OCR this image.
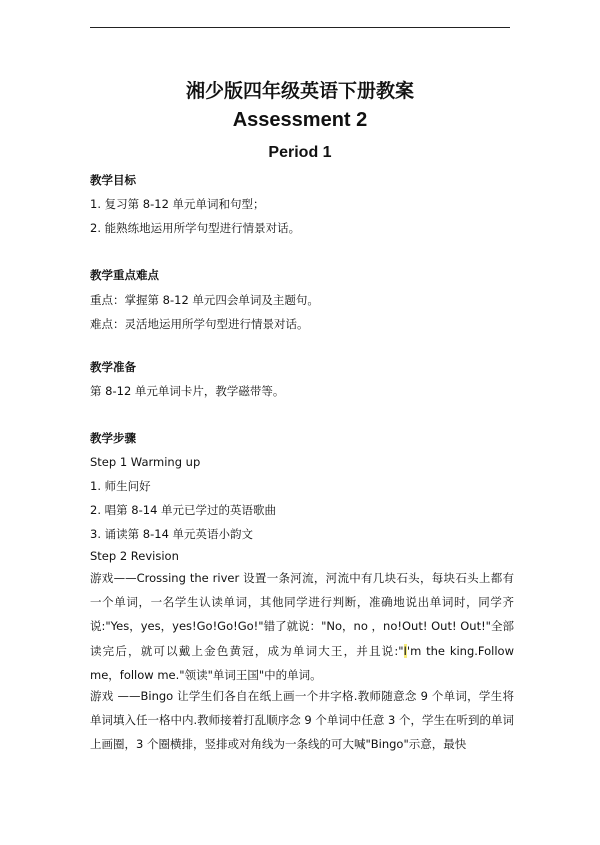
湘少版四年级英语下册教案
Assessment 2
Period 1
教学目标
1. 复习第 8-12 单元单词和句型；
2. 能熟练地运用所学句型进行情景对话。
教学重点难点
重点：掌握第 8-12 单元四会单词及主题句。
难点：灵活地运用所学句型进行情景对话。
教学准备
第 8-12 单元单词卡片，教学磁带等。
教学步骤
Step 1 Warming up
1. 师生问好
2. 唱第 8-14 单元已学过的英语歌曲
3. 诵读第 8-14 单元英语小韵文
Step 2 Revision
游戏——Crossing the river 设置一条河流，河流中有几块石头，每块石头上都有一个单词，一名学生认读单词，其他同学进行判断，准确地说出单词时，同学齐说:"Yes，yes，yes!Go!Go!Go!"错了就说："No，no ，no!Out! Out! Out!"全部读完后，就可以戴上金色黄冠，成为单词大王，并且说:"I'm the king.Follow me，follow me."领读"单词王国"中的单词。
游戏 ——Bingo 让学生们各自在纸上画一个井字格.教师随意念 9 个单词，学生将单词填入任一格中内.教师接着打乱顺序念 9 个单词中任意 3 个，学生在听到的单词上画圈，3 个圈横排，竖排或对角线为一条线的可大喊"Bingo"示意，最快
